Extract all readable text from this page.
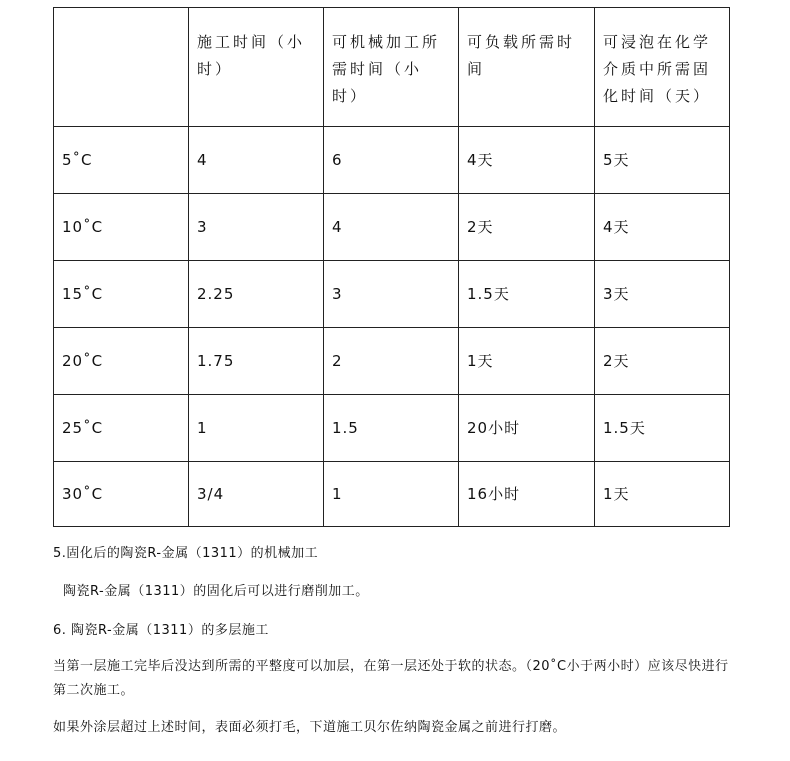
	施工时间（小时）	可机械加工所需时间（小时）	可负载所需时间	可浸泡在化学介质中所需固化时间（天）
5˚C	4	6	4天	5天
10˚C	3	4	2天	4天
15˚C	2.25	3	1.5天	3天
20˚C	1.75	2	1天	2天
25˚C	1	1.5	20小时	1.5天
30˚C	3/4	1	16小时	1天
5.固化后的陶瓷R-金属（1311）的机械加工
陶瓷R-金属（1311）的固化后可以进行磨削加工。
6. 陶瓷R-金属（1311）的多层施工
当第一层施工完毕后没达到所需的平整度可以加层，在第一层还处于软的状态。（20˚C小于两小时）应该尽快进行第二次施工。
如果外涂层超过上述时间，表面必须打毛，下道施工贝尔佐纳陶瓷金属之前进行打磨。
